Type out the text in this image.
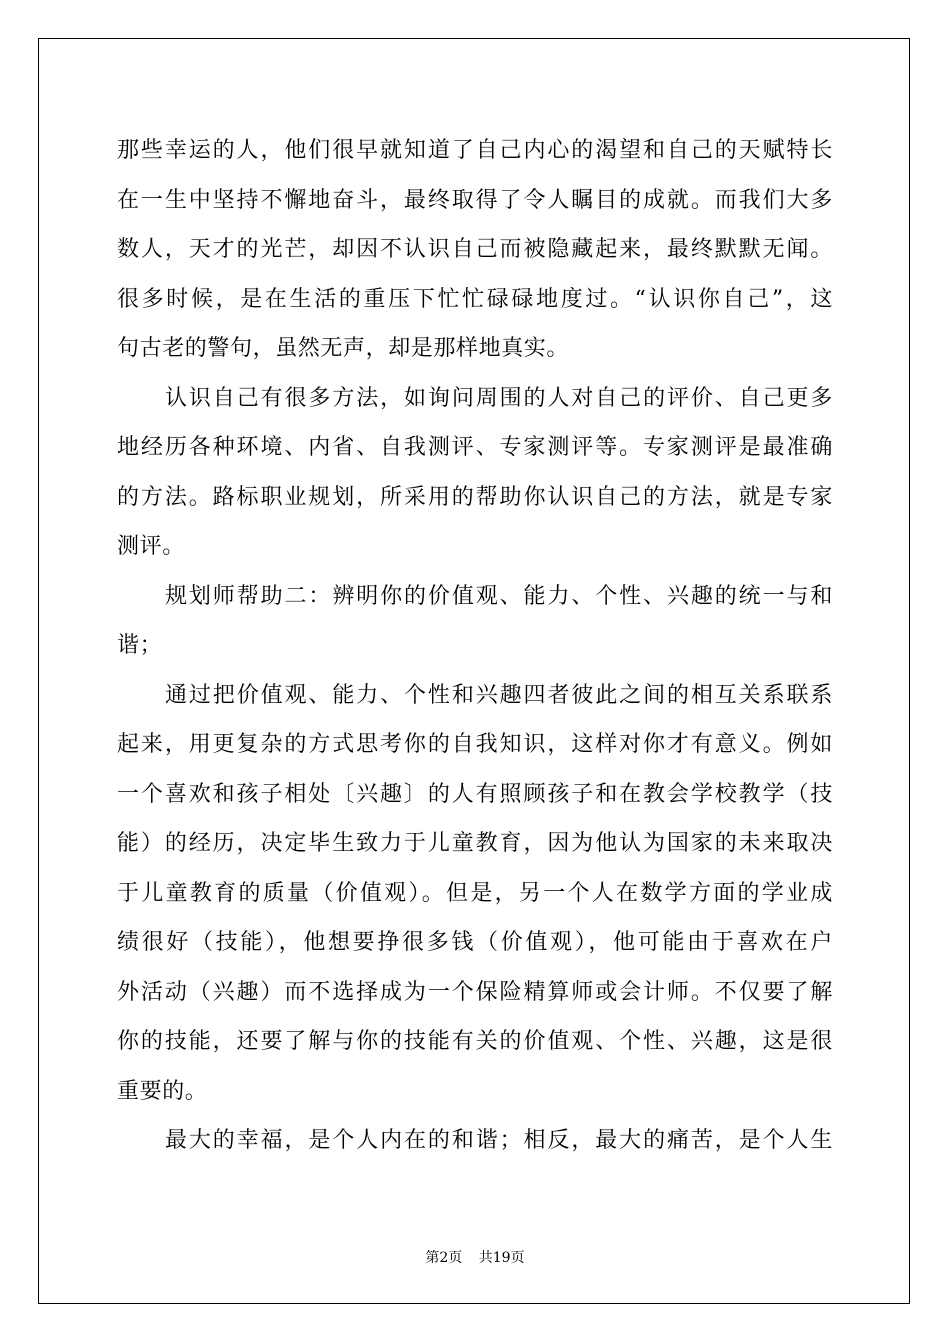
那些幸运的人，他们很早就知道了自己内心的渴望和自己的天赋特长
在一生中坚持不懈地奋斗，最终取得了令人瞩目的成就。而我们大多
数人，天才的光芒，却因不认识自己而被隐藏起来，最终默默无闻。
很多时候，是在生活的重压下忙忙碌碌地度过。“认识你自己”，这
句古老的警句，虽然无声，却是那样地真实。
认识自己有很多方法，如询问周围的人对自己的评价、自己更多
地经历各种环境、内省、自我测评、专家测评等。专家测评是最准确
的方法。路标职业规划，所采用的帮助你认识自己的方法，就是专家
测评。
规划师帮助二：辨明你的价值观、能力、个性、兴趣的统一与和
谐；
通过把价值观、能力、个性和兴趣四者彼此之间的相互关系联系
起来，用更复杂的方式思考你的自我知识，这样对你才有意义。例如
一个喜欢和孩子相处〔兴趣〕的人有照顾孩子和在教会学校教学（技
能）的经历，决定毕生致力于儿童教育，因为他认为国家的未来取决
于儿童教育的质量（价值观）。但是，另一个人在数学方面的学业成
绩很好（技能），他想要挣很多钱（价值观），他可能由于喜欢在户
外活动（兴趣）而不选择成为一个保险精算师或会计师。不仅要了解
你的技能，还要了解与你的技能有关的价值观、个性、兴趣，这是很
重要的。
最大的幸福，是个人内在的和谐；相反，最大的痛苦，是个人生
第2页 共19页
